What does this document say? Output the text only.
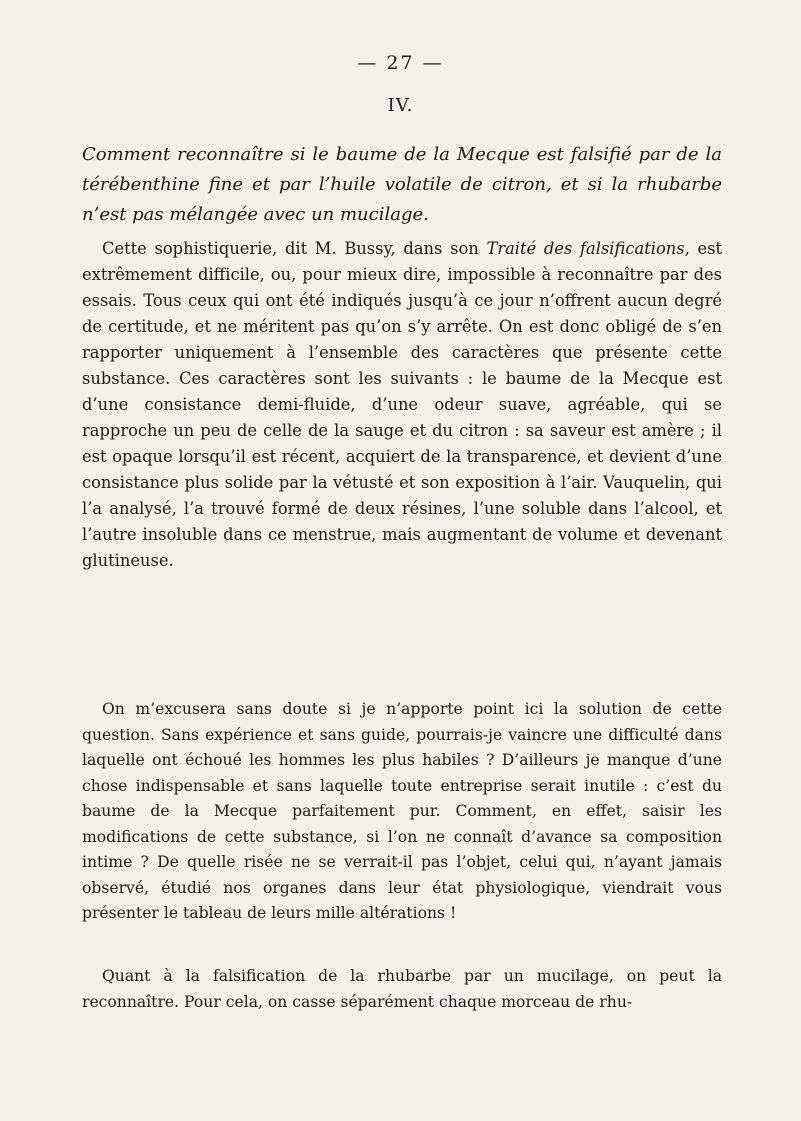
— 27 —
IV.

Comment reconnaître si le baume de la Mecque est falsifié par de la térébenthine fine et par l’huile volatile de citron, et si la rhubarbe n’est pas mélangée avec un mucilage.

Cette sophistiquerie, dit M. Bussy, dans son Traité des falsifications, est extrêmement difficile, ou, pour mieux dire, impossible à reconnaître par des essais. Tous ceux qui ont été indiqués jusqu’à ce jour n’offrent aucun degré de certitude, et ne méritent pas qu’on s’y arrête. On est donc obligé de s’en rapporter uniquement à l’ensemble des caractères que présente cette substance. Ces caractères sont les suivants : le baume de la Mecque est d’une consistance demi-fluide, d’une odeur suave, agréable, qui se rapproche un peu de celle de la sauge et du citron : sa saveur est amère ; il est opaque lorsqu’il est récent, acquiert de la transparence, et devient d’une consistance plus solide par la vétusté et son exposition à l’air. Vauquelin, qui l’a analysé, l’a trouvé formé de deux résines, l’une soluble dans l’alcool, et l’autre insoluble dans ce menstrue, mais augmentant de volume et devenant glutineuse.

On m’excusera sans doute si je n’apporte point ici la solution de cette question. Sans expérience et sans guide, pourrais-je vaincre une difficulté dans laquelle ont échoué les hommes les plus habiles ? D’ailleurs je manque d’une chose indispensable et sans laquelle toute entreprise serait inutile : c’est du baume de la Mecque parfaitement pur. Comment, en effet, saisir les modifications de cette substance, si l’on ne connaît d’avance sa composition intime ? De quelle risée ne se verrait-il pas l’objet, celui qui, n’ayant jamais observé, étudié nos organes dans leur état physiologique, viendrait vous présenter le tableau de leurs mille altérations !

Quant à la falsification de la rhubarbe par un mucilage, on peut la reconnaître. Pour cela, on casse séparément chaque morceau de rhu-
